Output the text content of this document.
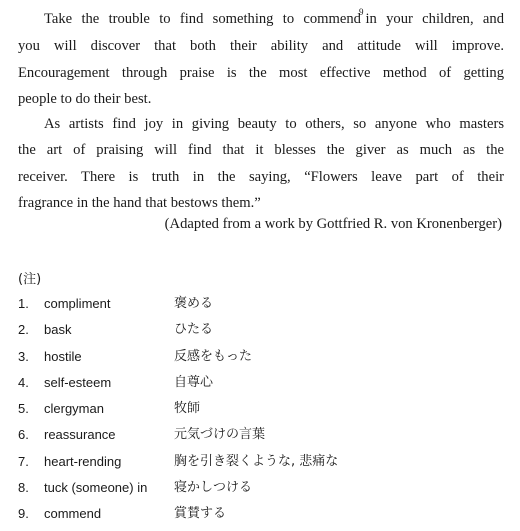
Take the trouble to find something to commend$^9$ in your children, and
you will discover that both their ability and attitude will improve.
Encouragement through praise is the most effective method of getting
people to do their best.
As artists find joy in giving beauty to others, so anyone who masters
the art of praising will find that it blesses the giver as much as the
receiver. There is truth in the saying, “Flowers leave part of their
fragrance in the hand that bestows them.”
(Adapted from a work by Gottfried R. von Kronenberger)
(注)
1. compliment	褒める
2. bask	ひたる
3. hostile	反感をもった
4. self-esteem	自尊心
5. clergyman	牧師
6. reassurance	元気づけの言葉
7. heart-rending	胸を引き裂くような, 悲痛な
8. tuck (someone) in 寝かしつける
9. commend	賞賛する
